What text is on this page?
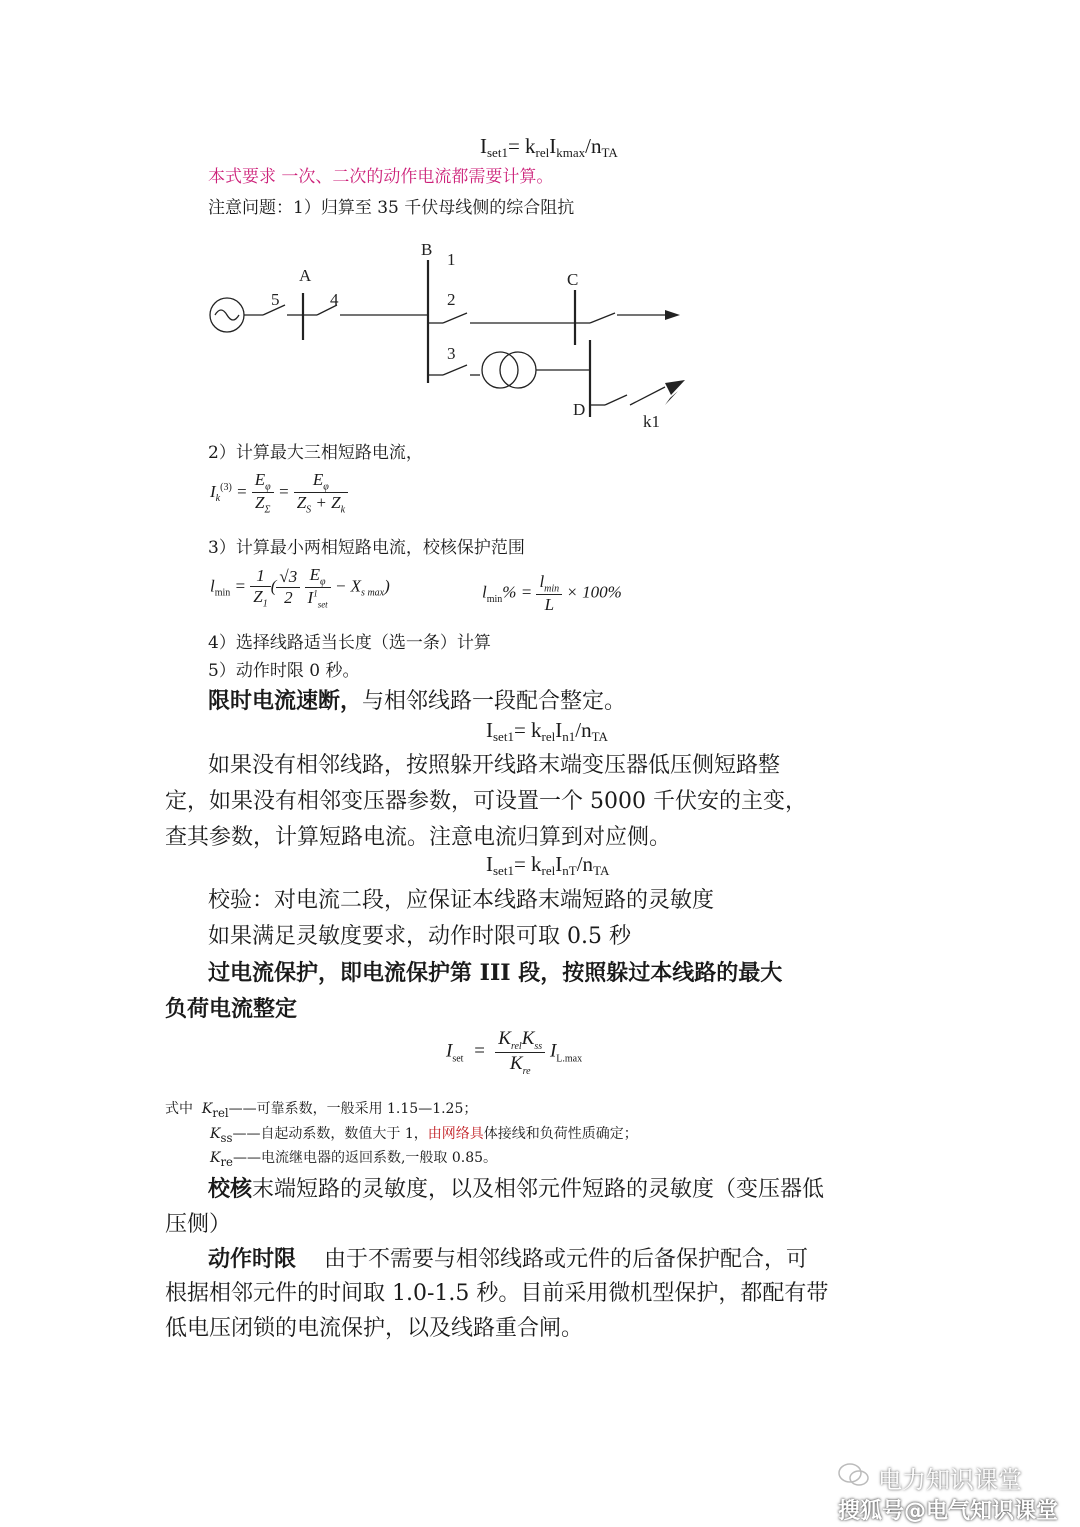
$I_{set1}= k_{rel}I_{kmax}/n_{TA}$
本式要求 一次、二次的动作电流都需要计算。
注意问题：1）归算至 35 千伏母线侧的综合阻抗
A
B
C
D
k1
1
2
3
4
5
2）计算最大三相短路电流，
$I_k^{(3)} = \frac{E_\varphi}{Z_\Sigma} = \frac{E_\varphi}{Z_S + Z_k}$
3）计算最小两相短路电流，校核保护范围
$l_{min} = \frac{1}{Z_1}$ ( $\frac{√3}{2}$
$\frac{E_\varphi}{I^1_{set}} - X_{s max}$)	$l_{min}\% = \frac{l_{min}}{L} \times 100\%$
4）选择线路适当长度（选一条）计算
5）动作时限 0 秒。
限时电流速断，与相邻线路一段配合整定。
$I_{set1}= k_{rel}I_{n1}/n_{TA}$
如果没有相邻线路，按照躲开线路末端变压器低压侧短路整
定，如果没有相邻变压器参数，可设置一个 5000 千伏安的主变，
查其参数，计算短路电流。注意电流归算到对应侧。
$I_{set1}= k_{rel}I_{nT}/n_{TA}$
校验：对电流二段，应保证本线路末端短路的灵敏度
如果满足灵敏度要求，动作时限可取 0.5 秒
过电流保护，即电流保护第 III 段，按照躲过本线路的最大
负荷电流整定
$I_{set} = \frac{K_{rel}K_{ss}}{K_{re}} I_{L.max}$
式中 $K_{rel}——$可靠系数，一般采用 1.15—1.25；
$K_{ss}——$自起动系数，数值大于 1，由网络具体接线和负荷性质确定；
$K_{re}——$电流继电器的返回系数,一般取 0.85。
校核末端短路的灵敏度，以及相邻元件短路的灵敏度（变压器低
压侧）
动作时限 由于不需要与相邻线路或元件的后备保护配合，可
根据相邻元件的时间取 1.0-1.5 秒。目前采用微机型保护，都配有带
低电压闭锁的电流保护，以及线路重合闸。
电力知识课堂
搜狐号@电气知识课堂
